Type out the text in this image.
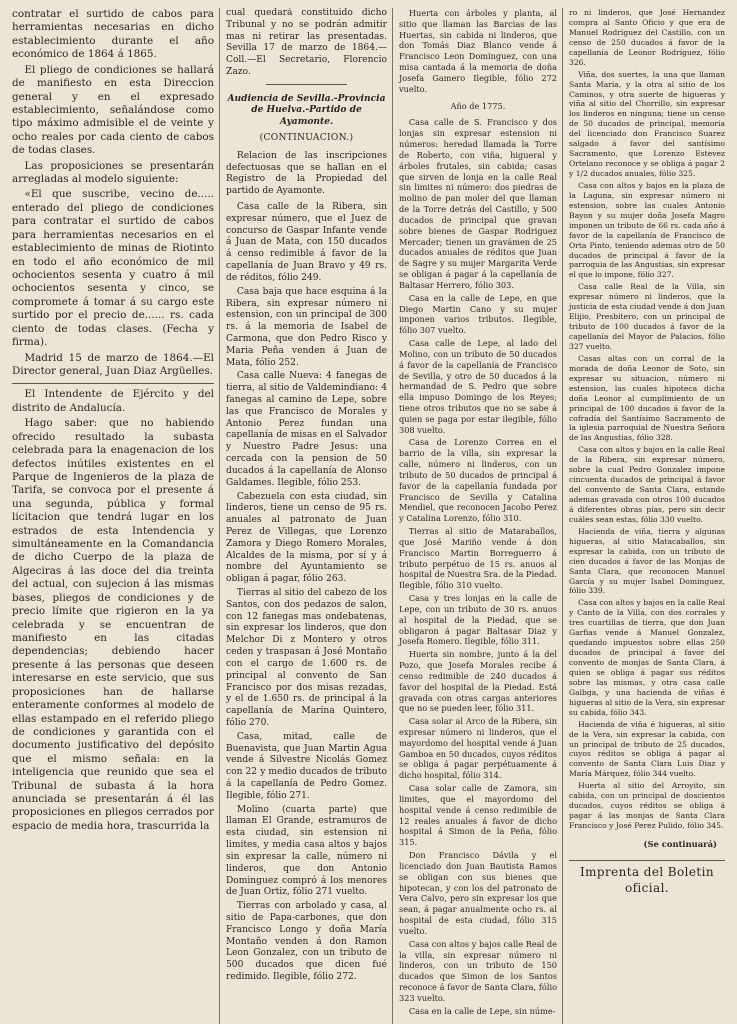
contratar el surtido de cabos para herramientas necesarias en dicho establecimiento durante el año económico de 1864 á 1865.

El pliego de condiciones se hallará de manifiesto en esta Direccion general y en el expresado establecimiento, señalándose como tipo máximo admisible el de veinte y ocho reales por cada ciento de cabos de todas clases.

Las proposiciones se presentarán arregladas al modelo siguiente:

«El que suscribe, vecino de..... enterado del pliego de condiciones para contratar el surtido de cabos para herramientas necesarios en el establecimiento de minas de Riotinto en todo el año económico de mil ochocientos sesenta y cuatro á mil ochocientos sesenta y cinco, se compromete á tomar á su cargo este surtido por el precio de...... rs. cada ciento de todas clases. (Fecha y firma).

Madrid 15 de marzo de 1864.—El Director general, Juan Diaz Argüelles.

El Intendente de Ejército y del distrito de Andalucía.

Hago saber: que no habiendo ofrecido resultado la subasta celebrada para la enagenacion de los defectos inútiles existentes en el Parque de Ingenieros de la plaza de Tarifa, se convoca por el presente á una segunda, pública y formal licitacion que tendrá lugar en los estrados de esta Intendencia y simultáneamente en la Comandancia de dicho Cuerpo de la plaza de Algeciras á las doce del dia treinta del actual, con sujecion á las mismas bases, pliegos de condiciones y de precio límite que rigieron en la ya celebrada y se encuentran de manifiesto en las citadas dependencias; debiendo hacer presente á las personas que deseen interesarse en este servicio, que sus proposiciones han de hallarse enteramente conformes al modelo de ellas estampado en el referido pliego de condiciones y garantida con el documento justificativo del depósito que el mismo señala: en la inteligencia que reunido que sea el Tribunal de subasta á la hora anunciada se presentarán á él las proposiciones en pliegos cerrados por espacio de media hora, trascurrida la

cual quedará constituido dicho Tribunal y no se podrán admitir mas ni retirar las presentadas. Sevilla 17 de marzo de 1864.—Coll.—El Secretario, Florencio Zazo.

Audiencia de Sevilla.-Provincia de Huelva.-Partido de Ayamonte.
(CONTINUACION.)

Relacion de las inscripciones defectuosas que se hallan en el Registro de la Propiedad del partido de Ayamonte.

Casa calle de la Ribera, sin expresar número, que el Juez de concurso de Gaspar Infante vende á Juan de Mata, con 150 ducados á censo redimible á favor de la capellanía de Juan Bravo y 49 rs. de réditos, fólio 249.

Casa baja que hace esquina á la Ribera, sin expresar número ni estension, con un principal de 300 rs. á la memoria de Isabel de Carmona, que don Pedro Risco y Maria Peña venden á Juan de Mata, fólio 252.

Casa calle Nueva: 4 fanegas de tierra, al sitio de Valdemindiano: 4 fanegas al camino de Lepe, sobre las que Francisco de Morales y Antonio Perez fundan una capellanía de misas en el Salvador y Nuestro Padre Jesus: una cercada con la pension de 50 ducados á la capellanía de Alonso Galdames. Ilegible, fólio 253.

Cabezuela con esta ciudad, sin linderos, tiene un censo de 95 rs. anuales al patronato de Juan Perez de Villegas, que Lorenzo Zamora y Diego Romero Morales, Alcaldes de la misma, por sí y á nombre del Ayuntamiento se obligan á pagar, fólio 263.

Tierras al sitio del cabezo de los Santos, con dos pedazos de salon, con 12 fanegas mas ondebatenas, sin expresar los linderos, que don Melchor Di z Montero y otros ceden y traspasan á José Montaño con el cargo de 1.600 rs. de principal al convento de San Francisco por dos misas rezadas, y el de 1.650 rs. de principal á la capellanía de Marina Quintero, fólio 270.

Casa, mitad, calle de Buenavista, que Juan Martin Agua vende á Silvestre Nicolás Gomez con 22 y medio ducados de tributo á la capellanía de Pedro Gomez. Ilegible, fólio 271.

Molino (cuarta parte) que llaman El Grande, estramuros de esta ciudad, sin estension ni limites, y media casa altos y bajos sin expresar la calle, número ni linderos, que don Antonio Dominguez compró á los menores de Juan Ortiz, fólio 271 vuelto.

Tierras con arbolado y casa, al sitio de Papa-carbones, que don Francisco Longo y doña María Montaño venden á don Ramon Leon Gonzalez, con un tributo de 500 ducados que dicen fué redimido. Ilegible, fólio 272.

Huerta con árboles y planta, al sitio que llaman las Barcias de las Huertas, sin cabida ni linderos, que don Tomás Diaz Blanco vende á Francisco Leon Dominguez, con una misa cantada á la memoria de doña Josefa Gamero Ilegible, fólio 272 vuelto.

Año de 1775.

Casa calle de S. Francisco y dos lonjas sin expresar estension ni números: heredad llamada la Torre de Roberto, con viña, higueral y árboles frutales, sin cabida; casas que sirven de lonja en la calle Real sin limites ni número: dos piedras de molino de pan moler del que llaman de la Torre detrás del Castillo, y 500 ducados de principal que gravan sobre bienes de Gaspar Rodriguez Mercader; tienen un gravámen de 25 ducados anuales de réditos que Juan de Sagre y su mujer Margarita Verde se obligan á pagar á la capellanía de Baltasar Herrero, fólio 303.

Casa en la calle de Lepe, en que Diego Martin Cano y su mujer imponen varios tributos. Ilegible, fólio 307 vuelto.

Casa calle de Lepe, al lado del Molino, con un tributo de 50 ducados á favor de la capellanía de Francisco de Sevilla, y otro de 50 ducados á la hermandad de S. Pedro que sobre ella impuso Domingo de los Reyes; tiene otros tributos que no se sabe á quien se paga por estar ilegible, fólio 308 vuelto.

Casa de Lorenzo Correa en el barrio de la villa, sin expresar la calle, número ni linderos, con un tributo de 50 ducados de principal á favor de la capellanía fundada por Francisco de Sevilla y Catalina Mendiel, que reconocen Jacobo Perez y Catalina Lorenzo, fólio 310.

Tierras al sitio de Mataraballos, que José Mariño vende á don Francisco Martin Borreguerro á tributo perpétuo de 15 rs. anuos al hospital de Nuestra Sra. de la Piedad. Ilegible, fólio 310 vuelto.

Casa y tres lonjas en la calle de Lepe, con un tributo de 30 rs. anuos al hospital de la Piedad, que se obligaron á pagar Baltasar Diaz y Josefa Romero. Ilegible, fólio 311.

Huerta sin nombre, junto á la del Pozo, que Josefa Morales recibe á censo redimible de 240 ducados á favor del hospital de la Piedad. Está gravada con otras cargas anteriores que no se pueden leer, fólio 311.

Casa solar al Arco de la Ribera, sin expresar número ni linderos, que el mayordomo del hospital vende á Juan Gamboa en 50 ducados, cuyos réditos se obliga á pagar perpétuamente á dicho hospital, fólio 314.

Casa solar calle de Zamora, sin limites, que el mayordomo del hospital vende á censo redimible de 12 reales anuales á favor de dicho hospital á Simon de la Peña, fólio 315.

Don Francisco Dávila y el licenciado don Juan Bautista Ramos se obligan con sus bienes que hipotecan, y con los del patronato de Vera Calvo, pero sin expresar los que sean, á pagar anualmente ocho rs. al hospital de esta ciudad, fólio 315 vuelto.

Casa con altos y bajos calle Real de la villa, sin expresar número ni linderos, con un tributo de 150 ducados que Simon de los Santos reconoce á favor de Santa Clara, fólio 323 vuelto.

Casa en la calle de Lepe, sin núme-

ro ni linderos, que José Hernandez compra al Santo Oficio y que era de Manuel Rodriguez del Castillo, con un censo de 250 ducados á favor de la capellanía de Leonor Rodriguez, fólio 326.

Viña, dos suertes, la una que llaman Santa María, y la otra al sitio de los Caminos, y otra suerte de higueras y viña al sitio del Chorrillo, sin expresar los linderos en ninguna; tiene un censo de 50 ducados de principal, memoria del licenciado don Francisco Suarez salgado á favor del santísimo Sacramento, que Lorenzo Estevez Ortelano reconoce y se obliga á pagar 2 y 1/2 ducados anuales, fólio 325.

Casa con altos y bajos en la plaza de la Laguna, sin expresar número ni estension, sobre las cuales Antonio Bayon y su mujer doña Josefa Magro imponen un tributo de 66 rs. cada año á favor de la capellanía de Francisco de Orta Pinto, teniendo ademas otro de 50 ducados de principal á favor de la parroquia de las Angustias, sin expresar el que lo impone, fólio 327.

Casa calle Real de la Villa, sin expresar número ni linderos, que la justicia de esta ciudad vende á don Juan Elijio, Presbítero, con un principal de tributo de 100 ducados á favor de la capellanía del Mayor de Palacios, fólio 327 vuelto.

Casas altas con un corral de la morada de doña Leonor de Soto, sin expresar su situacion, número ni estension, las cuales hipoteca dicha doña Leonor al cumplimiento de un principal de 100 ducados á favor de la cofradía del Santísimo Sacramento de la iglesia parroquial de Nuestra Señora de las Angustias, fólio 328.

Casa con altos y bajos en la calle Real de la Ribera, sin expresar número, sobre la cual Pedro Gonzalez impone cincuenta ducados de principal á favor del convento de Santa Clara, estando ademas gravada con otros 100 ducados á diferentes obras pías, pero sin decir cuáles sean estas, fólio 330 vuelto.

Hacienda de viña, tierra y algunas higueras, al sitio Matacaballos, sin expresar la cabida, con un tributo de cien ducados á favor de las Monjas de Santa Clara, que reconocen Manuel García y su mujer Isabel Dominguez, fólio 339.

Casa con altos y bajos en la calle Real y Canto de la Villa, con dos corrales y tres cuartillas de tierra, que don Juan Garfias vende á Manuel Gonzalez, quedando impuestos sobre ellas 250 ducados de principal á favor del convento de monjas de Santa Clara, á quien se obliga á pagar sus réditos sobre las mismas, y otra casa calle Galbga, y una hacienda de viñas é higueras al sitio de la Vera, sin expresar su cabida, fólio 343.

Hacienda de viña é higueras, al sitio de la Vera, sin expresar la cabida, con un principal de tributo de 25 ducados, cuyos réditos se obliga á pagar al convento de Santa Clara Luis Diaz y María Márquez, fólio 344 vuelto.

Huerta al sitio del Arroyito, sin cabida, con un principal de doscientos ducados, cuyos réditos se obliga á pagar á las monjas de Santa Clara Francisco y José Perez Pulido, fólio 345.

(Se continuará)
Imprenta del Boletin oficial.
